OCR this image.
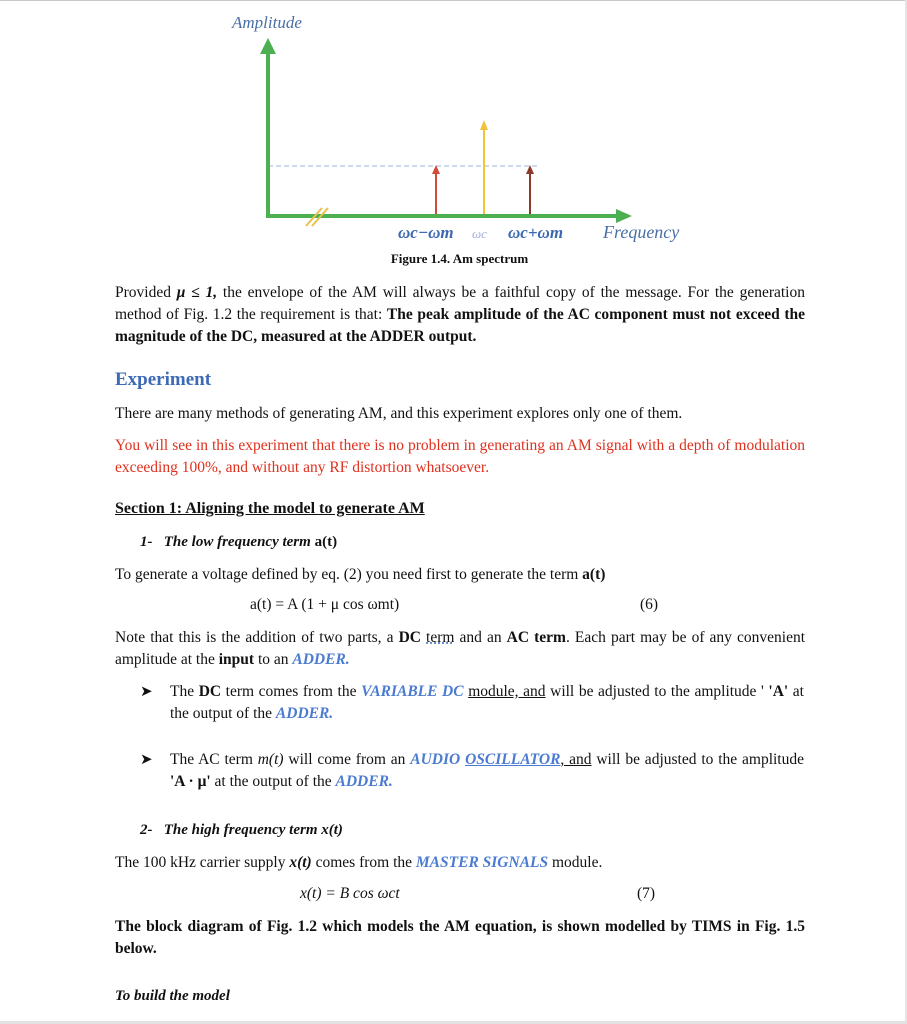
Amplitude
Frequency
ωc−ωm ωc ωc+ωm
Figure 1.4. Am spectrum
Provided μ ≤ 1, the envelope of the AM will always be a faithful copy of the message. For the generation method of Fig. 1.2 the requirement is that: The peak amplitude of the AC component must not exceed the magnitude of the DC, measured at the ADDER output.
Experiment
There are many methods of generating AM, and this experiment explores only one of them.
You will see in this experiment that there is no problem in generating an AM signal with a depth of modulation exceeding 100%, and without any RF distortion whatsoever.
Section 1: Aligning the model to generate AM
1- The low frequency term a(t)
To generate a voltage defined by eq. (2) you need first to generate the term a(t)
a(t) = A (1 + μ cos ωmt)	(6)
Note that this is the addition of two parts, a DC term and an AC term. Each part may be of any convenient amplitude at the input to an ADDER.
➤ The DC term comes from the VARIABLE DC module, and will be adjusted to the amplitude ' 'A' at the output of the ADDER.
➤ The AC term m(t) will come from an AUDIO OSCILLATOR, and will be adjusted to the amplitude 'A · μ' at the output of the ADDER.
2- The high frequency term x(t)
The 100 kHz carrier supply x(t) comes from the MASTER SIGNALS module.
x(t) = B cos ωct	(7)
The block diagram of Fig. 1.2 which models the AM equation, is shown modelled by TIMS in Fig. 1.5 below.
To build the model
